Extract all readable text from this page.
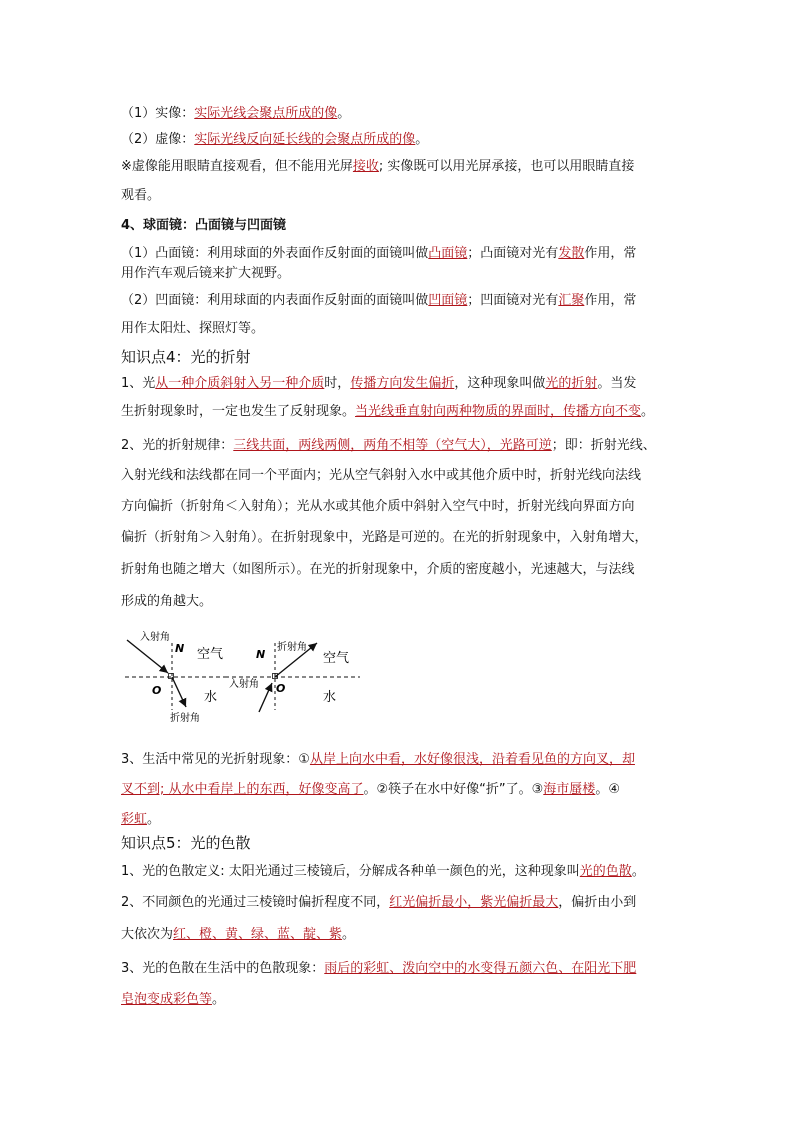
（1）实像：实际光线会聚点所成的像。
（2）虚像：实际光线反向延长线的会聚点所成的像。
※虚像能用眼睛直接观看，但不能用光屏接收; 实像既可以用光屏承接，也可以用眼睛直接
观看。
4、球面镜：凸面镜与凹面镜
（1）凸面镜：利用球面的外表面作反射面的面镜叫做凸面镜；凸面镜对光有发散作用，常
用作汽车观后镜来扩大视野。
（2）凹面镜：利用球面的内表面作反射面的面镜叫做凹面镜；凹面镜对光有汇聚作用，常
用作太阳灶、探照灯等。
1、光从一种介质斜射入另一种介质时，传播方向发生偏折，这种现象叫做光的折射。当发
生折射现象时，一定也发生了反射现象。当光线垂直射向两种物质的界面时，传播方向不变。
2、光的折射规律：三线共面，两线两侧，两角不相等（空气大），光路可逆；即：折射光线、
入射光线和法线都在同一个平面内；光从空气斜射入水中或其他介质中时，折射光线向法线
方向偏折（折射角＜入射角）；光从水或其他介质中斜射入空气中时，折射光线向界面方向
偏折（折射角＞入射角）。在折射现象中，光路是可逆的。在光的折射现象中，入射角增大，
折射角也随之增大（如图所示）。在光的折射现象中，介质的密度越小，光速越大，与法线
形成的角越大。
3、生活中常见的光折射现象：①从岸上向水中看，水好像很浅，沿着看见鱼的方向叉，却
叉不到; 从水中看岸上的东西，好像变高了。②筷子在水中好像“折”了。③海市蜃楼。④
彩虹。
1、光的色散定义: 太阳光通过三棱镜后，分解成各种单一颜色的光，这种现象叫光的色散。
2、不同颜色的光通过三棱镜时偏折程度不同，红光偏折最小，紫光偏折最大，偏折由小到
大依次为红、橙、黄、绿、蓝、靛、紫。
3、光的色散在生活中的色散现象：雨后的彩虹、泼向空中的水变得五颜六色、在阳光下肥
皂泡变成彩色等。
知识点4：光的折射
知识点5：光的色散
入射角
N 空气
O	水
折射角
N
折射角
空气
入射角 O
水
